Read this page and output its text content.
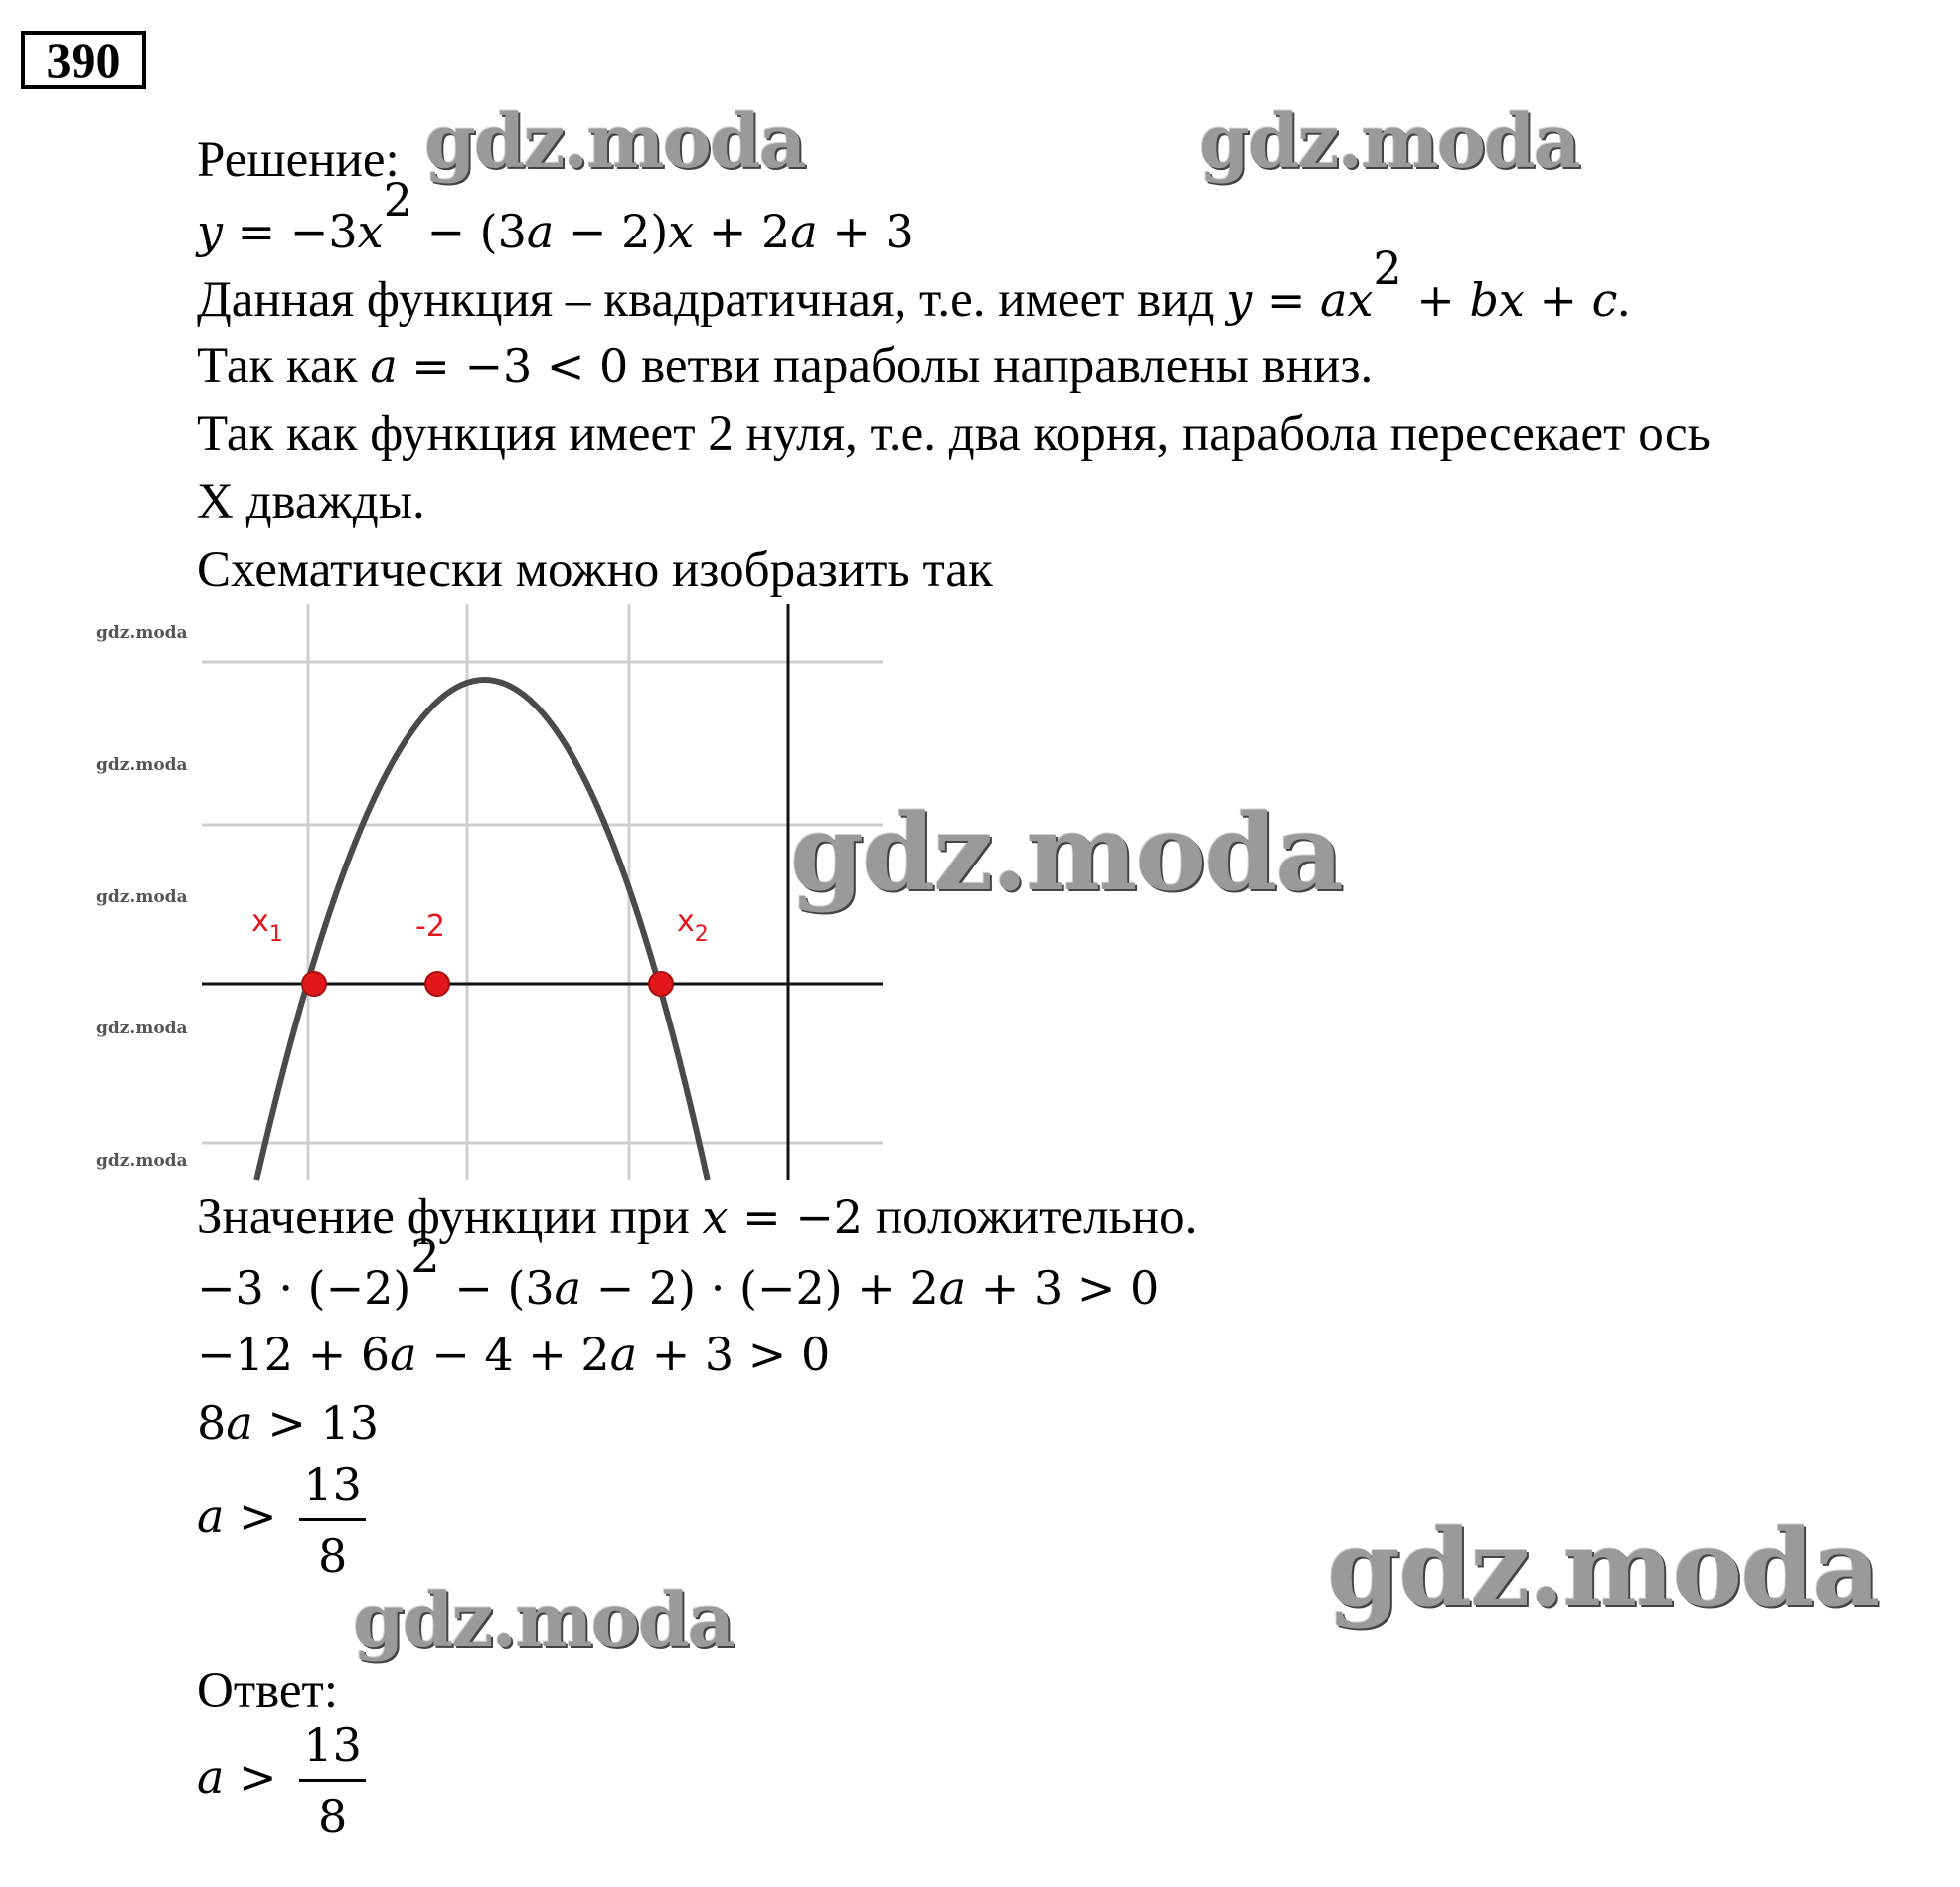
390
Решение:
$y = -3x^2 - (3a - 2)x + 2a + 3$
Данная функция – квадратичная, т.е. имеет вид $y = ax^2$ + bx + c.
Так как a = −3 < 0 ветви параболы направлены вниз.
Так как функция имеет 2 нуля, т.е. два корня, парабола пересекает ось
X дважды.
Схематически можно изобразить так
$x_1$	-2	$x_2$
gdz.moda
gdz.moda
gdz.moda
gdz.moda
gdz.moda
Значение функции при x = −2 положительно.
$-3 \cdot (-2)^2 - (3a - 2) \cdot (-2) + 2a + 3 > 0$
−12 + 6a − 4 + 2a + 3 > 0
8a > 13
$a > \frac{13}{8}$
Ответ:
$a > \frac{13}{8}$
gdz.moda	gdz.moda
gdz.moda
gdz.moda
gdz.moda
